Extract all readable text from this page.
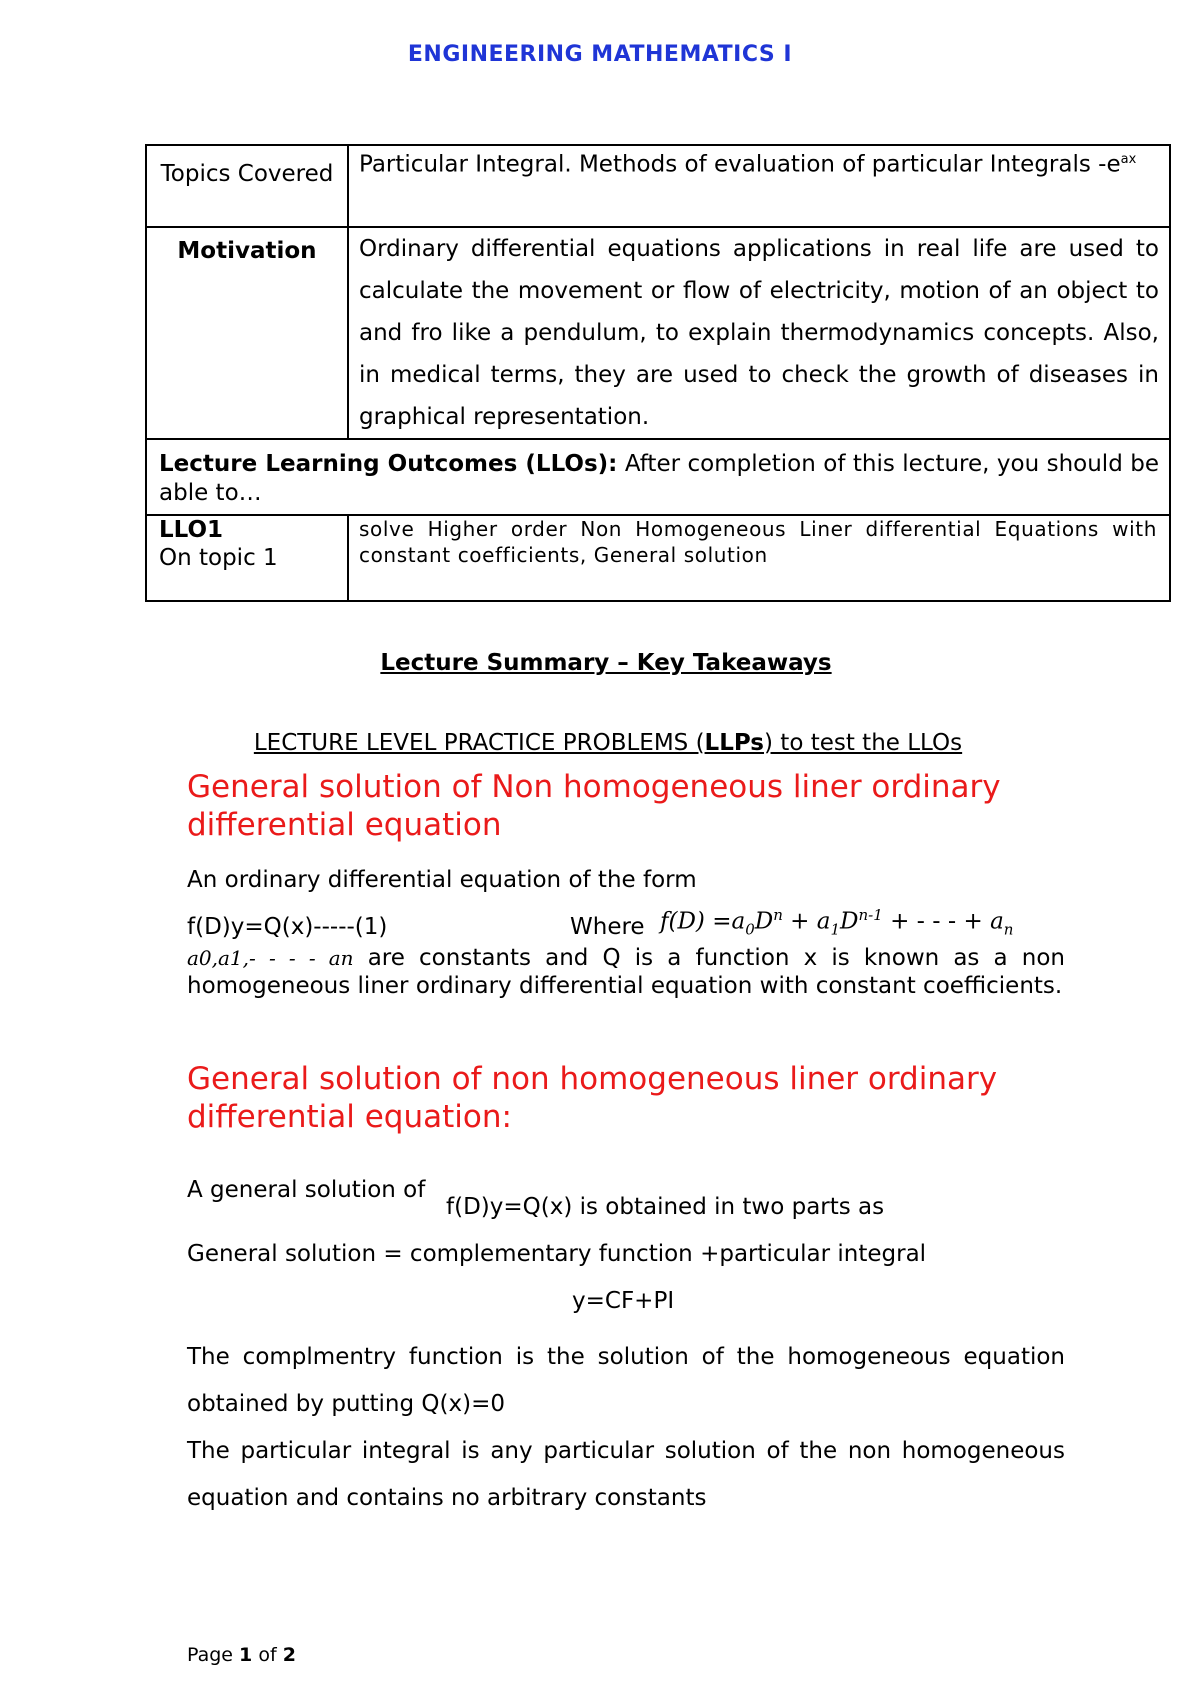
ENGINEERING MATHEMATICS I
Topics Covered	Particular Integral. Methods of evaluation of particular Integrals $-e^{ax}$
Motivation	Ordinary differential equations applications in real life are used to calculate the movement or flow of electricity, motion of an object to and fro like a pendulum, to explain thermodynamics concepts. Also, in medical terms, they are used to check the growth of diseases in graphical representation.
Lecture Learning Outcomes (LLOs): After completion of this lecture, you should be able to…	

LLO1
On topic 1	solve Higher order Non Homogeneous Liner differential Equations with constant coefficients, General solution
Lecture Summary – Key Takeaways
LECTURE LEVEL PRACTICE PROBLEMS (LLPs) to test the LLOs
General solution of Non homogeneous liner ordinary differential equation
An ordinary differential equation of the form
f(D)y=Q(x)-----(1)	Where $f(D) =a_0D^n + a_1D^{n-1}$ + - - - + $a_n$
a0,a1,- - - - an are constants and Q is a function x is known as a non homogeneous liner ordinary differential equation with constant coefficients.
General solution of non homogeneous liner ordinary differential equation:
A general solution of
f(D)y=Q(x) is obtained in two parts as
General solution = complementary function +particular integral
y=CF+PI
The complmentry function is the solution of the homogeneous equation obtained by putting Q(x)=0
The particular integral is any particular solution of the non homogeneous equation and contains no arbitrary constants
Page 1 of 2
